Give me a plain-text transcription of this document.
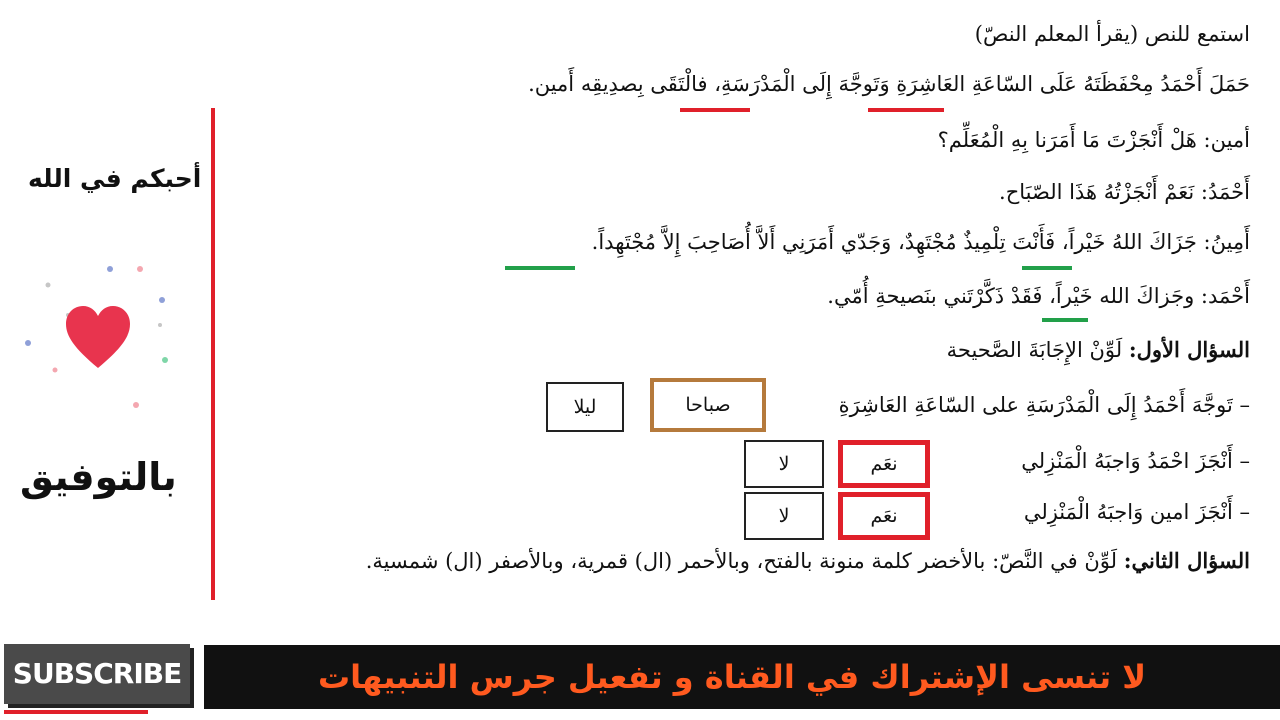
أحبكم في الله
بالتوفيق
استمع للنص (يقرأ المعلم النصّ)
حَمَلَ أَحْمَدُ مِحْفَظَتَهُ عَلَى السّاعَةِ العَاشِرَةِ وَتَوجَّهَ إِلَى الْمَدْرَسَةِ، فالْتَقَى بِصدِيقِه أَمين.
أمين: هَلْ أَنْجَزْتَ مَا أَمَرَنا بِهِ الْمُعَلِّم؟
أَحْمَدُ: نَعَمْ أَنْجَزْتُهُ هَذَا الصّبَاح.
أَمِينُ: جَزَاكَ اللهُ خَيْراً، فَأَنْتَ تِلْمِيذٌ مُجْتَهِدٌ، وَجَدّي أَمَرَنِي أَلاَّ أُصَاحِبَ إِلاَّ مُجْتَهِداً.
أَحْمَد: وجَزاكَ الله خَيْراً، فَقَدْ ذَكَّرْتَني بنَصيحةِ أُمّي.
السؤال الأول: لَوِّنْ الإِجَابَةَ الصَّحيحة
– تَوجَّهَ أَحْمَدُ إِلَى الْمَدْرَسَةِ على السّاعَةِ العَاشِرَةِ
صباحا
ليلا
– أَنْجَزَ احْمَدُ وَاجبَهُ الْمَنْزِلي
نعَم
لا
– أَنْجَزَ امين وَاجبَهُ الْمَنْزِلي
نعَم
لا
السؤال الثاني: لَوِّنْ في النَّصّ: بالأخضر كلمة منونة بالفتح، وبالأحمر (ال) قمرية، وبالأصفر (ال) شمسية.
SUBSCRIBE	لا تنسى الإشتراك في القناة و تفعيل جرس التنبيهات
